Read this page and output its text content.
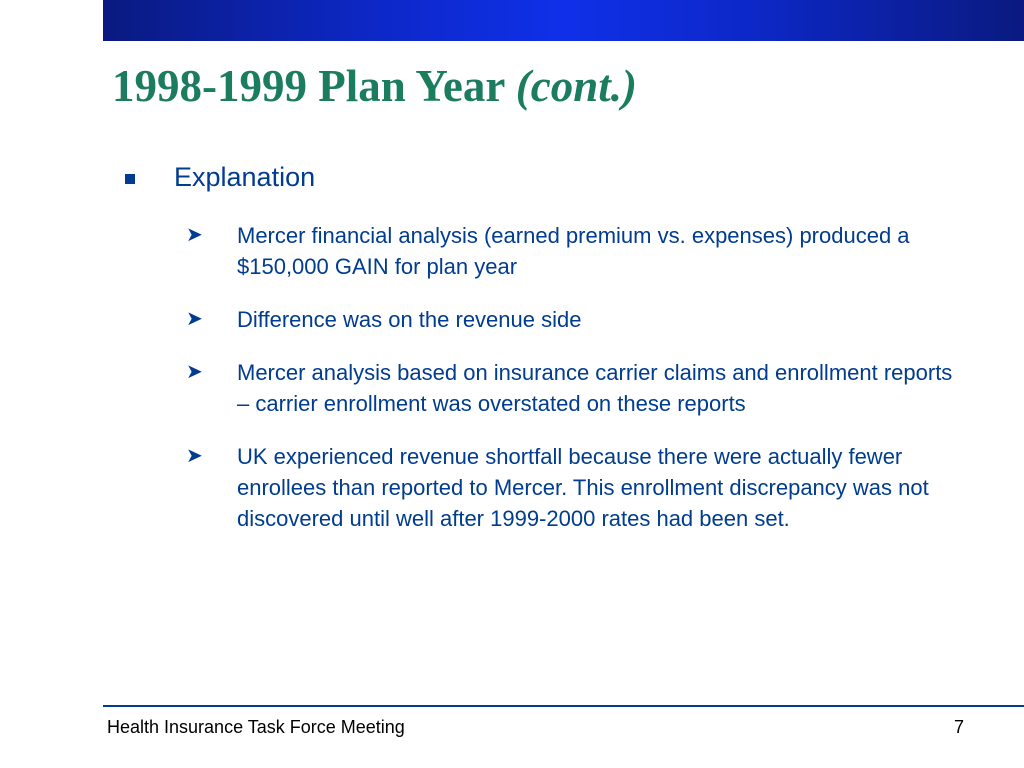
1998-1999 Plan Year (cont.)
Explanation
➤ Mercer financial analysis (earned premium vs. expenses) produced a $150,000 GAIN for plan year
➤ Difference was on the revenue side
➤ Mercer analysis based on insurance carrier claims and enrollment reports – carrier enrollment was overstated on these reports
➤ UK experienced revenue shortfall because there were actually fewer enrollees than reported to Mercer. This enrollment discrepancy was not discovered until well after 1999-2000 rates had been set.
Health Insurance Task Force Meeting	7
